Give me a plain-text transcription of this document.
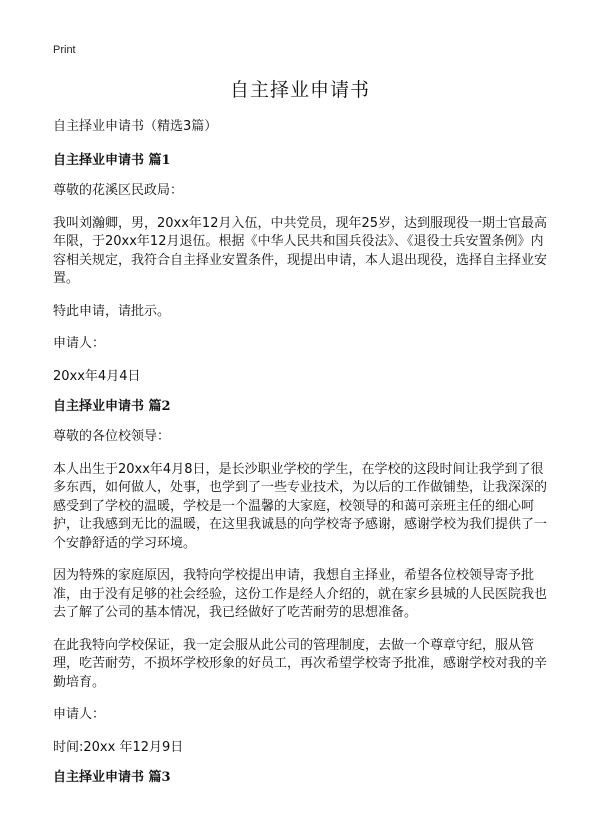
Print
自主择业申请书

自主择业申请书（精选3篇）

自主择业申请书 篇1

尊敬的花溪区民政局：

我叫刘瀚卿，男，20xx年12月入伍，中共党员，现年25岁，达到服现役一期士官最高年限，于20xx年12月退伍。根据《中华人民共和国兵役法》、《退役士兵安置条例》内容相关规定，我符合自主择业安置条件，现提出申请，本人退出现役，选择自主择业安置。

特此申请，请批示。

申请人：

20xx年4月4日

自主择业申请书 篇2

尊敬的各位校领导：

本人出生于20xx年4月8日，是长沙职业学校的学生，在学校的这段时间让我学到了很多东西，如何做人，处事，也学到了一些专业技术，为以后的工作做铺垫，让我深深的感受到了学校的温暖，学校是一个温馨的大家庭，校领导的和蔼可亲班主任的细心呵护，让我感到无比的温暖，在这里我诚恳的向学校寄予感谢，感谢学校为我们提供了一个安静舒适的学习环境。

因为特殊的家庭原因，我特向学校提出申请，我想自主择业，希望各位校领导寄予批准，由于没有足够的社会经验，这份工作是经人介绍的，就在家乡县城的人民医院我也去了解了公司的基本情况，我已经做好了吃苦耐劳的思想准备。

在此我特向学校保证，我一定会服从此公司的管理制度，去做一个尊章守纪，服从管理，吃苦耐劳，不损坏学校形象的好员工，再次希望学校寄予批准，感谢学校对我的辛勤培育。

申请人：

时间:20xx 年12月9日

自主择业申请书 篇3
